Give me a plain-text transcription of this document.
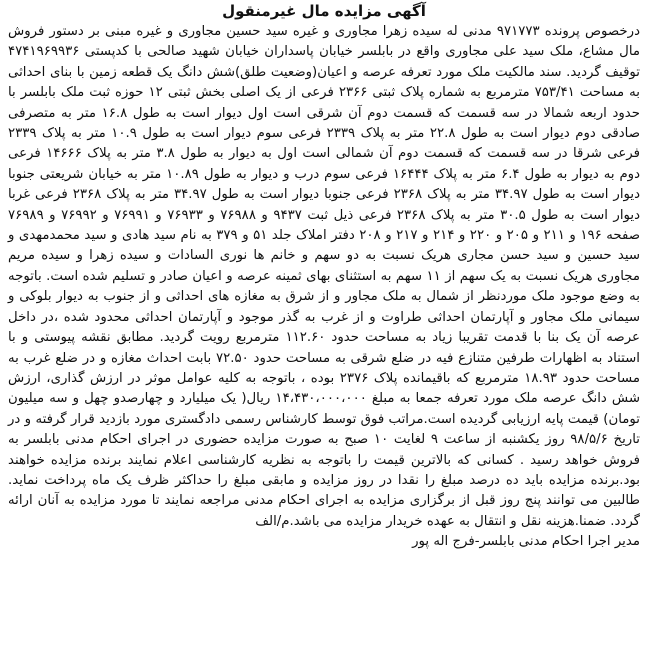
آگهی مزایده مال غیرمنقول

درخصوص پرونده ۹۷۱۷۷۳ مدنی له سیده زهرا مجاوری و غیره سید حسین مجاوری و غیره مبنی بر دستور فروش مال مشاع، ملک سید علی مجاوری واقع در بابلسر خیابان پاسداران خیابان شهید صالحی با کدپستی ۴۷۴۱۹۶۹۹۳۶ توقیف گردید. سند مالکیت ملک مورد تعرفه عرصه و اعیان(وضعیت طلق)شش دانگ یک قطعه زمین با بنای احداثی به مساحت ۷۵۳/۴۱ مترمربع به شماره پلاک ثبتی ۲۳۶۶ فرعی از یک اصلی بخش ثبتی ۱۲ حوزه ثبت ملک بابلسر با حدود اربعه شمالا در سه قسمت که قسمت دوم آن شرقی است اول دیوار است به طول ۱۶.۸ متر به متصرفی صادقی دوم دیوار است به طول ۲۲.۸ متر به پلاک ۲۳۳۹ فرعی سوم دیوار است به طول ۱۰.۹ متر به پلاک ۲۳۳۹ فرعی شرقا در سه قسمت که قسمت دوم آن شمالی است اول به دیوار به طول ۳.۸ متر به پلاک ۱۴۶۶۶ فرعی دوم به دیوار به طول ۶.۴ متر به پلاک ۱۶۴۴۴ فرعی سوم درب و دیوار به طول ۱۰.۸۹ متر به خیابان شریعتی جنوبا دیوار است به طول ۳۴.۹۷ متر به پلاک ۲۳۶۸ فرعی جنوبا دیوار است به طول ۳۴.۹۷ متر به پلاک ۲۳۶۸ فرعی غربا دیوار است به طول ۳۰.۵ متر به پلاک ۲۳۶۸ فرعی ذیل ثبت ۹۴۳۷ و ۷۶۹۸۸ و ۷۶۹۳۳ و ۷۶۹۹۱ و ۷۶۹۹۲ و ۷۶۹۸۹ صفحه ۱۹۶ و ۲۱۱ و ۲۰۵ و ۲۲۰ و ۲۱۴ و ۲۱۷ و ۲۰۸ دفتر املاک جلد ۵۱ و ۳۷۹ به نام سید هادی و سید محمدمهدی و سید حسین و سید حسن مجاری هریک نسبت به دو سهم و خانم ها نوری السادات و سیده زهرا و سیده مریم مجاوری هریک نسبت به یک سهم از ۱۱ سهم به استثنای بهای ثمینه عرصه و اعیان صادر و تسلیم شده است. باتوجه به وضع موجود ملک موردنظر از شمال به ملک مجاور و از شرق به مغازه های احداثی و از جنوب به دیوار بلوکی و سیمانی ملک مجاور و آپارتمان احداثی طراوت و از غرب به گذر موجود و آپارتمان احداثی محدود شده ،در داخل عرصه آن یک بنا با قدمت تقریبا زیاد به مساحت حدود ۱۱۲.۶۰ مترمربع رویت گردید. مطابق نقشه پیوستی و با استناد به اظهارات طرفین متنازع فیه در ضلع شرقی به مساحت حدود ۷۲.۵۰ بابت احداث مغازه و در ضلع غرب به مساحت حدود ۱۸.۹۳ مترمربع که باقیمانده پلاک ۲۳۷۶ بوده ، باتوجه به کلیه عوامل موثر در ارزش گذاری، ارزش شش دانگ عرصه ملک مورد تعرفه جمعا به مبلغ ۱۴،۴۳۰،۰۰۰،۰۰۰ ریال( یک میلیارد و چهارصدو چهل و سه میلیون تومان) قیمت پایه ارزیابی گردیده است.مراتب فوق توسط کارشناس رسمی دادگستری مورد بازدید قرار گرفته و در تاریخ ۹۸/۵/۶ روز یکشنبه از ساعت ۹ لغایت ۱۰ صبح به صورت مزایده حضوری در اجرای احکام مدنی بابلسر به فروش خواهد رسید . کسانی که بالاترین قیمت را باتوجه به نظریه کارشناسی اعلام نمایند برنده مزایده خواهند بود.برنده مزایده باید ده درصد مبلغ را نقدا در روز مزایده و مابقی مبلغ را حداکثر ظرف یک ماه پرداخت نماید. طالبین می توانند پنج روز قبل از برگزاری مزایده به اجرای احکام مدنی مراجعه نمایند تا مورد مزایده به آنان ارائه گردد. ضمنا.هزینه نقل و انتقال به عهده خریدار مزایده می باشد.م/الف

مدیر اجرا احکام مدنی بابلسر-فرج اله پور
